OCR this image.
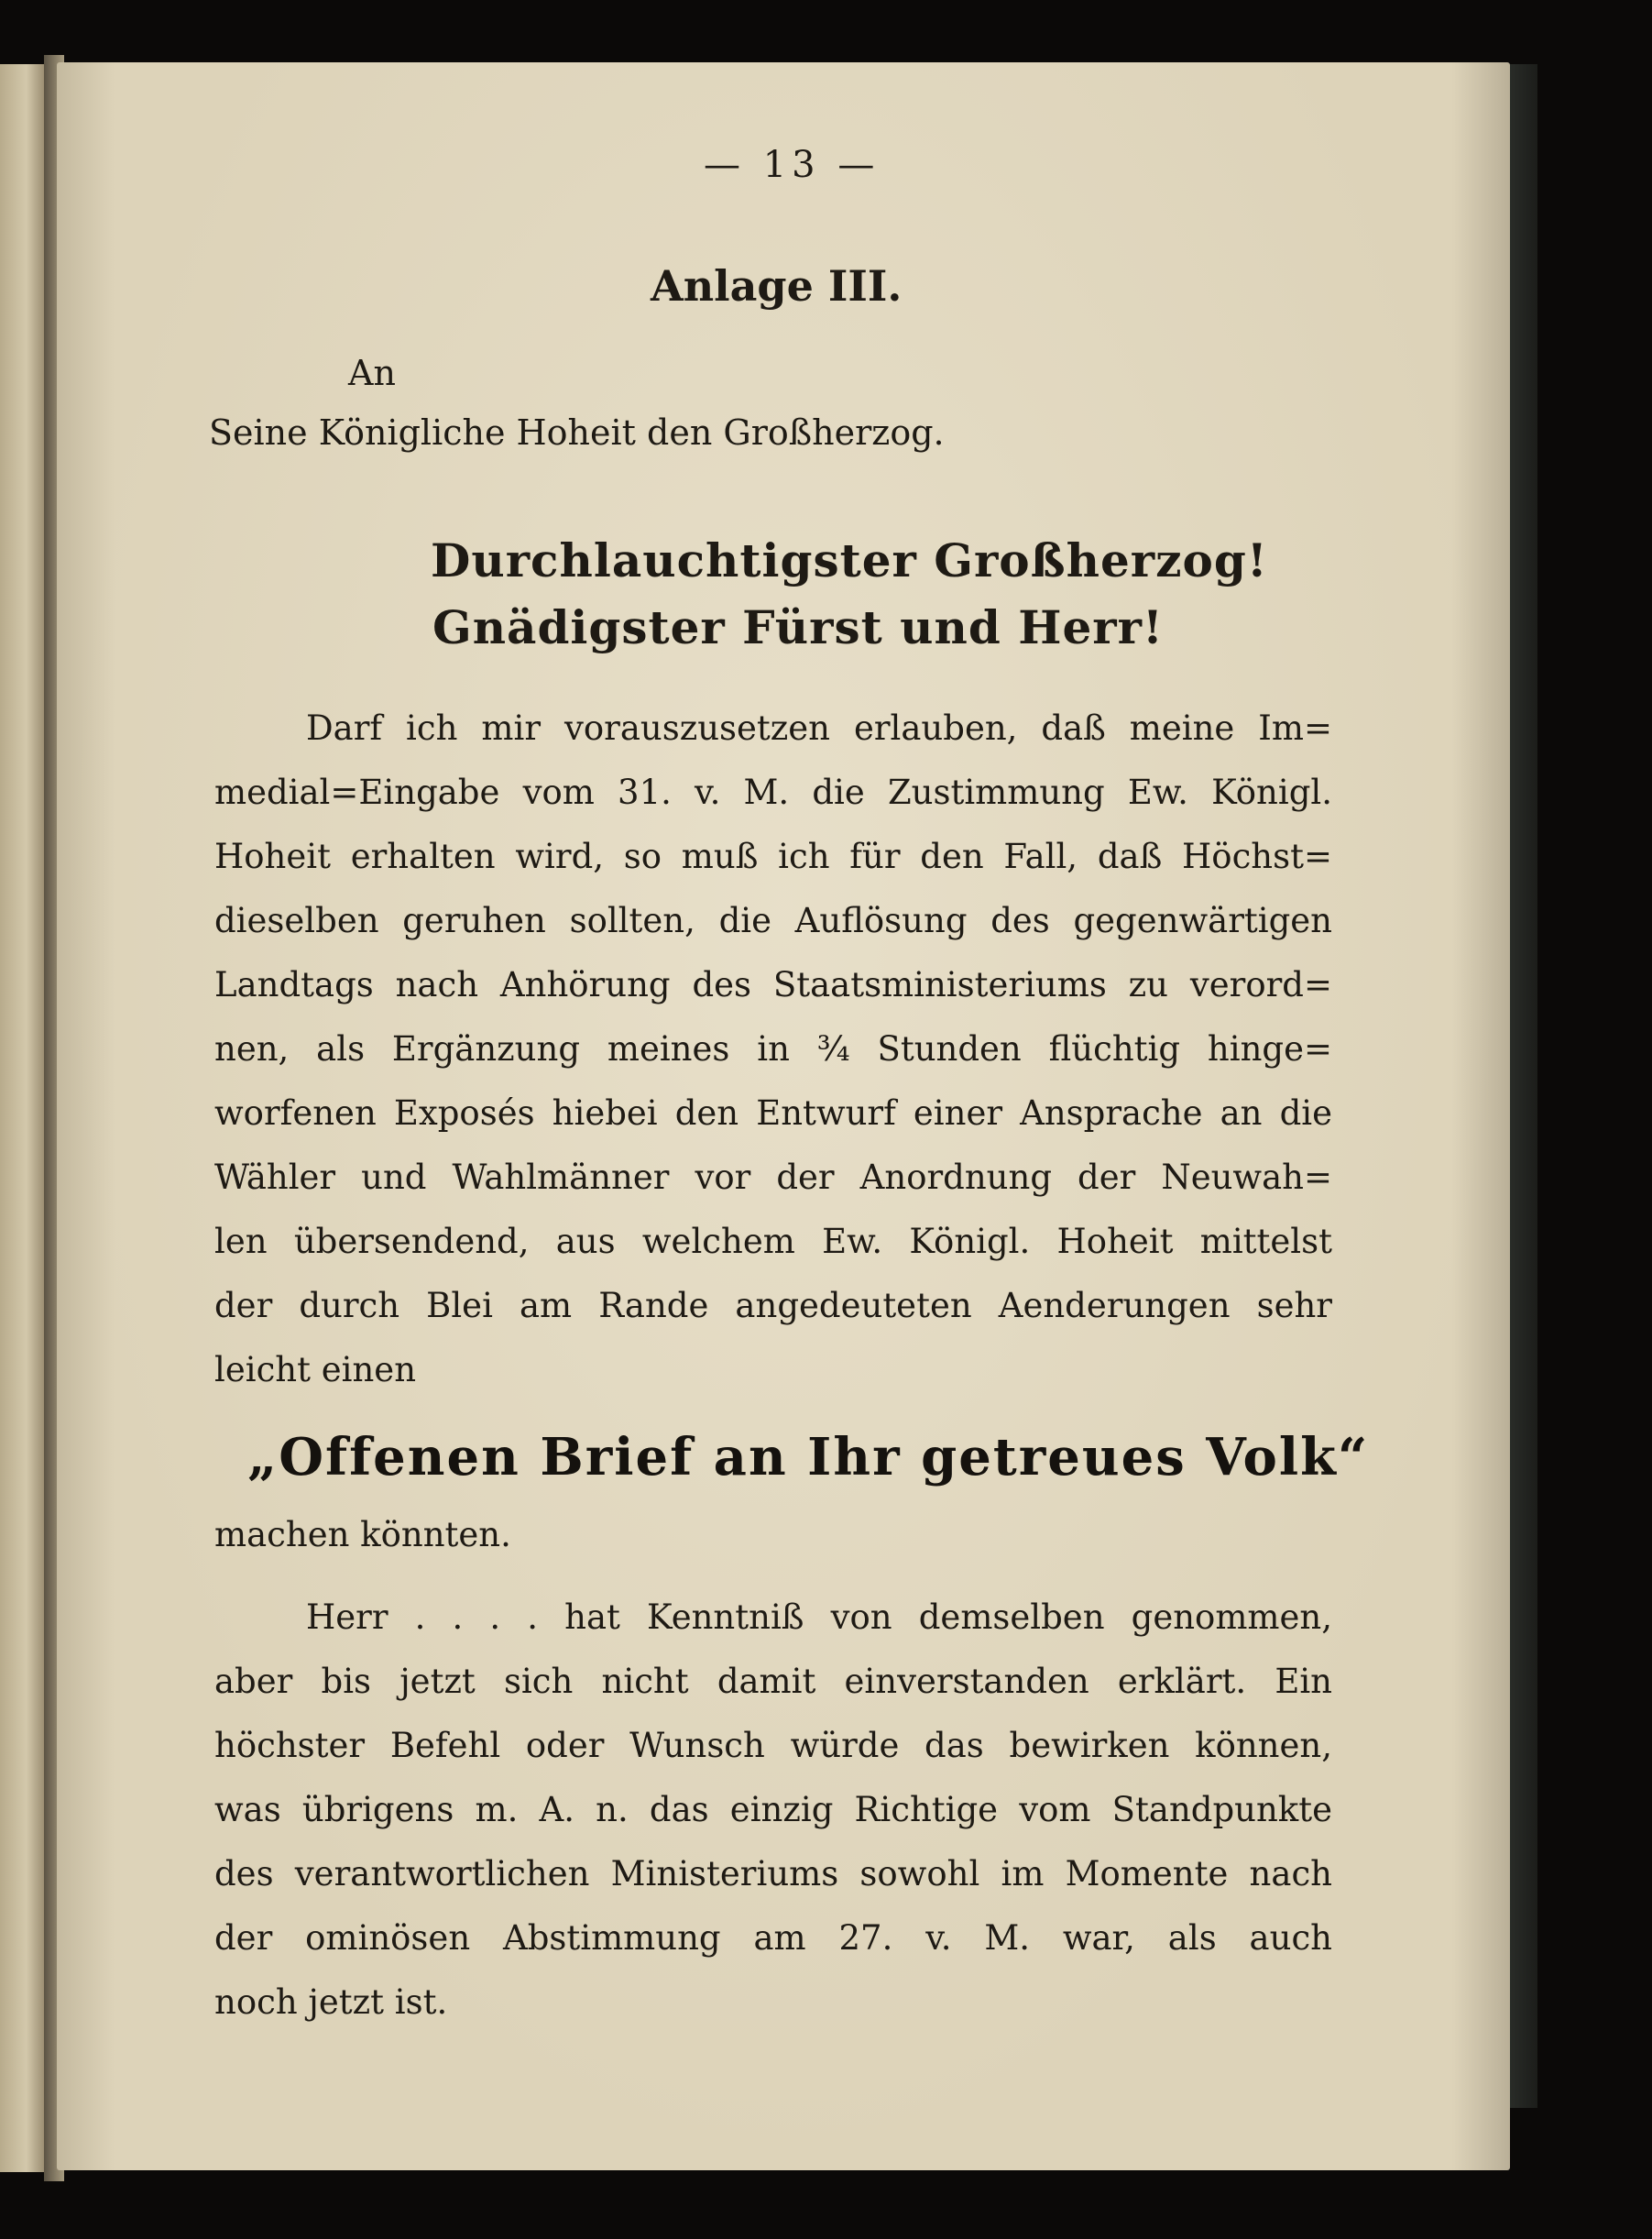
— 13 —
Anlage III.
An
Seine Königliche Hoheit den Großherzog.
Durchlauchtigster Großherzog!
Gnädigster Fürst und Herr!
Darf ich mir vorauszusetzen erlauben, daß meine Im=
medial=Eingabe vom 31. v. M. die Zustimmung Ew. Königl.
Hoheit erhalten wird, so muß ich für den Fall, daß Höchst=
dieselben geruhen sollten, die Auflösung des gegenwärtigen
Landtags nach Anhörung des Staatsministeriums zu verord=
nen, als Ergänzung meines in ¾ Stunden flüchtig hinge=
worfenen Exposés hiebei den Entwurf einer Ansprache an die
Wähler und Wahlmänner vor der Anordnung der Neuwah=
len übersendend, aus welchem Ew. Königl. Hoheit mittelst
der durch Blei am Rande angedeuteten Aenderungen sehr
leicht einen
„Offenen Brief an Ihr getreues Volk“
machen könnten.
Herr . . . . hat Kenntniß von demselben genommen,
aber bis jetzt sich nicht damit einverstanden erklärt. Ein
höchster Befehl oder Wunsch würde das bewirken können,
was übrigens m. A. n. das einzig Richtige vom Standpunkte
des verantwortlichen Ministeriums sowohl im Momente nach
der ominösen Abstimmung am 27. v. M. war, als auch
noch jetzt ist.
